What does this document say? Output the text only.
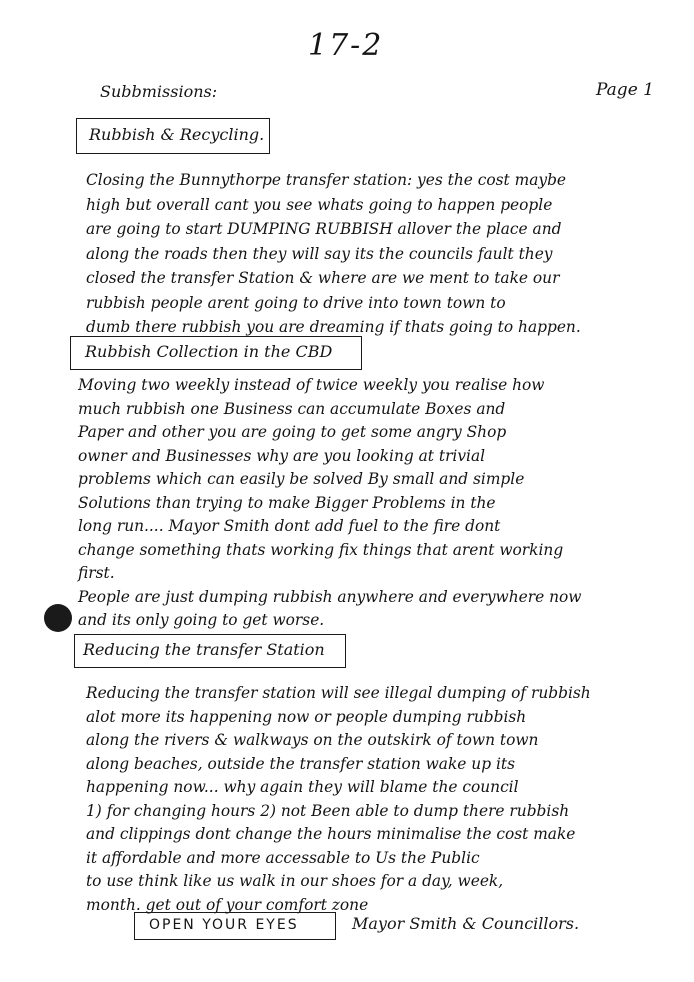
17-2
Subbmissions:	Page 1
Rubbish & Recycling.
Closing the Bunnythorpe transfer station: yes the cost maybe
high but overall cant you see whats going to happen people
are going to start DUMPING RUBBISH allover the place and
along the roads then they will say its the councils fault they
closed the transfer Station & where are we ment to take our
rubbish people arent going to drive into town town to
dumb there rubbish you are dreaming if thats going to happen.
Rubbish Collection in the CBD
Moving two weekly instead of twice weekly you realise how
much rubbish one Business can accumulate Boxes and
Paper and other you are going to get some angry Shop
owner and Businesses why are you looking at trivial
problems which can easily be solved By small and simple
Solutions than trying to make Bigger Problems in the
long run.... Mayor Smith dont add fuel to the fire dont
change something thats working fix things that arent working
first.
People are just dumping rubbish anywhere and everywhere now
and its only going to get worse.
Reducing the transfer Station
Reducing the transfer station will see illegal dumping of rubbish
alot more its happening now or people dumping rubbish
along the rivers & walkways on the outskirk of town town
along beaches, outside the transfer station wake up its
happening now... why again they will blame the council
1) for changing hours 2) not Been able to dump there rubbish
and clippings dont change the hours minimalise the cost make
it affordable and more accessable to Us the Public
to use think like us walk in our shoes for a day, week,
month. get out of your comfort zone
OPEN YOUR EYES	Mayor Smith & Councillors.
